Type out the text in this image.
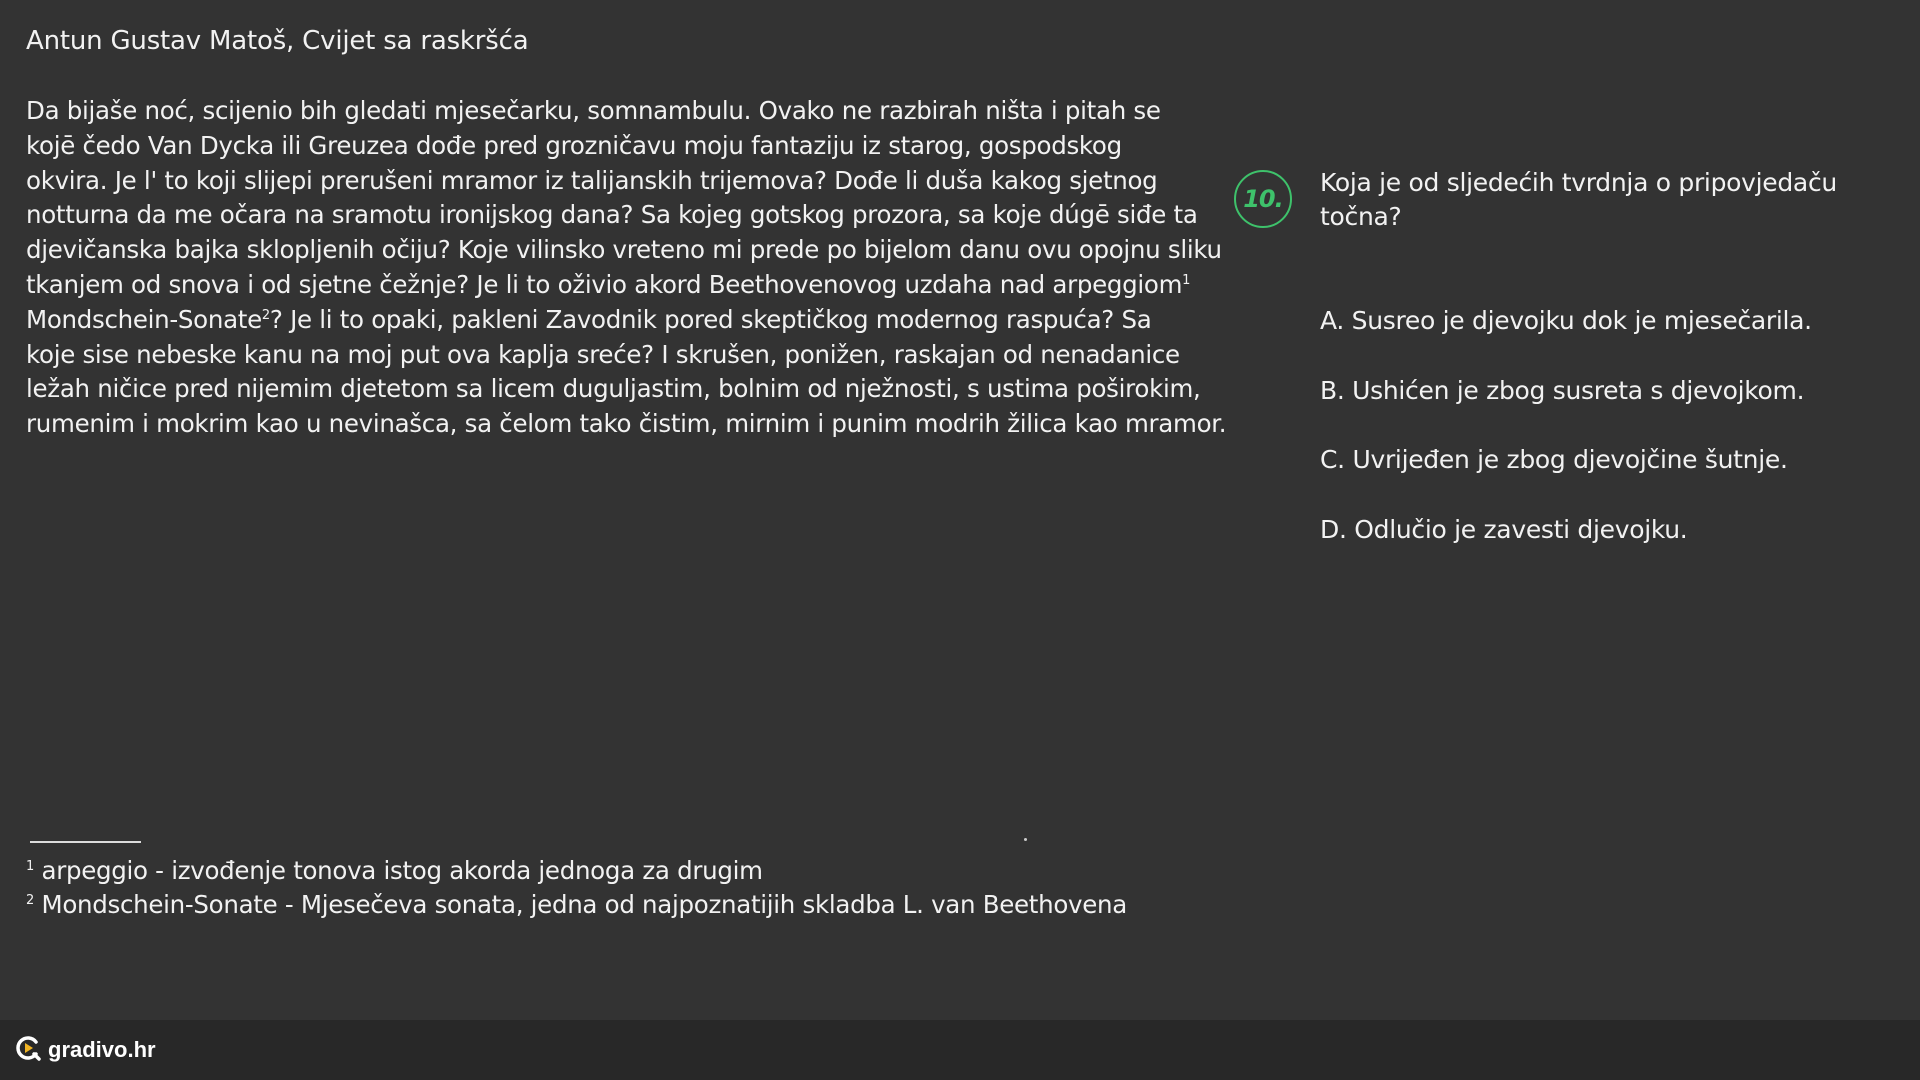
Antun Gustav Matoš, Cvijet sa raskršća
Da bijaše noć, scijenio bih gledati mjesečarku, somnambulu. Ovako ne razbirah ništa i pitah se
kojē čedo Van Dycka ili Greuzea dođe pred grozničavu moju fantaziju iz starog, gospodskog
okvira. Je l' to koji slijepi prerušeni mramor iz talijanskih trijemova? Dođe li duša kakog sjetnog
notturna da me očara na sramotu ironijskog dana? Sa kojeg gotskog prozora, sa koje dúgē siđe ta
djevičanska bajka sklopljenih očiju? Koje vilinsko vreteno mi prede po bijelom danu ovu opojnu sliku
tkanjem od snova i od sjetne čežnje? Je li to oživio akord Beethovenovog uzdaha nad arpeggiom$^1$
Mondschein-Sonate$^2$? Je li to opaki, pakleni Zavodnik pored skeptičkog modernog raspuća? Sa
koje sise nebeske kanu na moj put ova kaplja sreće? I skrušen, ponižen, raskajan od nenadanice
ležah ničice pred nijemim djetetom sa licem duguljastim, bolnim od nježnosti, s ustima poširokim,
rumenim i mokrim kao u nevinašca, sa čelom tako čistim, mirnim i punim modrih žilica kao mramor.
10.
Koja je od sljedećih tvrdnja o pripovjedaču
točna?
A. Susreo je djevojku dok je mjesečarila.
B. Ushićen je zbog susreta s djevojkom.
C. Uvrijeđen je zbog djevojčine šutnje.
D. Odlučio je zavesti djevojku.
$^1$ arpeggio - izvođenje tonova istog akorda jednoga za drugim
$^2$ Mondschein-Sonate - Mjesečeva sonata, jedna od najpoznatijih skladba L. van Beethovena
gradivo.hr
